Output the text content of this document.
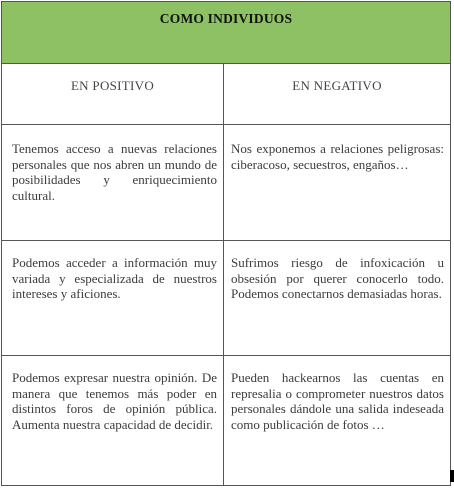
COMO INDIVIDUOS
EN POSITIVO	EN NEGATIVO
Tenemos acceso a nuevas relaciones personales que nos abren un mundo de posibilidades y enriquecimiento cultural.
Nos exponemos a relaciones peligrosas: ciberacoso, secuestros, engaños…
Podemos acceder a información muy variada y especializada de nuestros intereses y aficiones.
Sufrimos riesgo de infoxicación u obsesión por querer conocerlo todo. Podemos conectarnos demasiadas horas.
Podemos expresar nuestra opinión. De manera que tenemos más poder en distintos foros de opinión pública. Aumenta nuestra capacidad de decidir.
Pueden hackearnos las cuentas en represalia o comprometer nuestros datos personales dándole una salida indeseada como publicación de fotos …
